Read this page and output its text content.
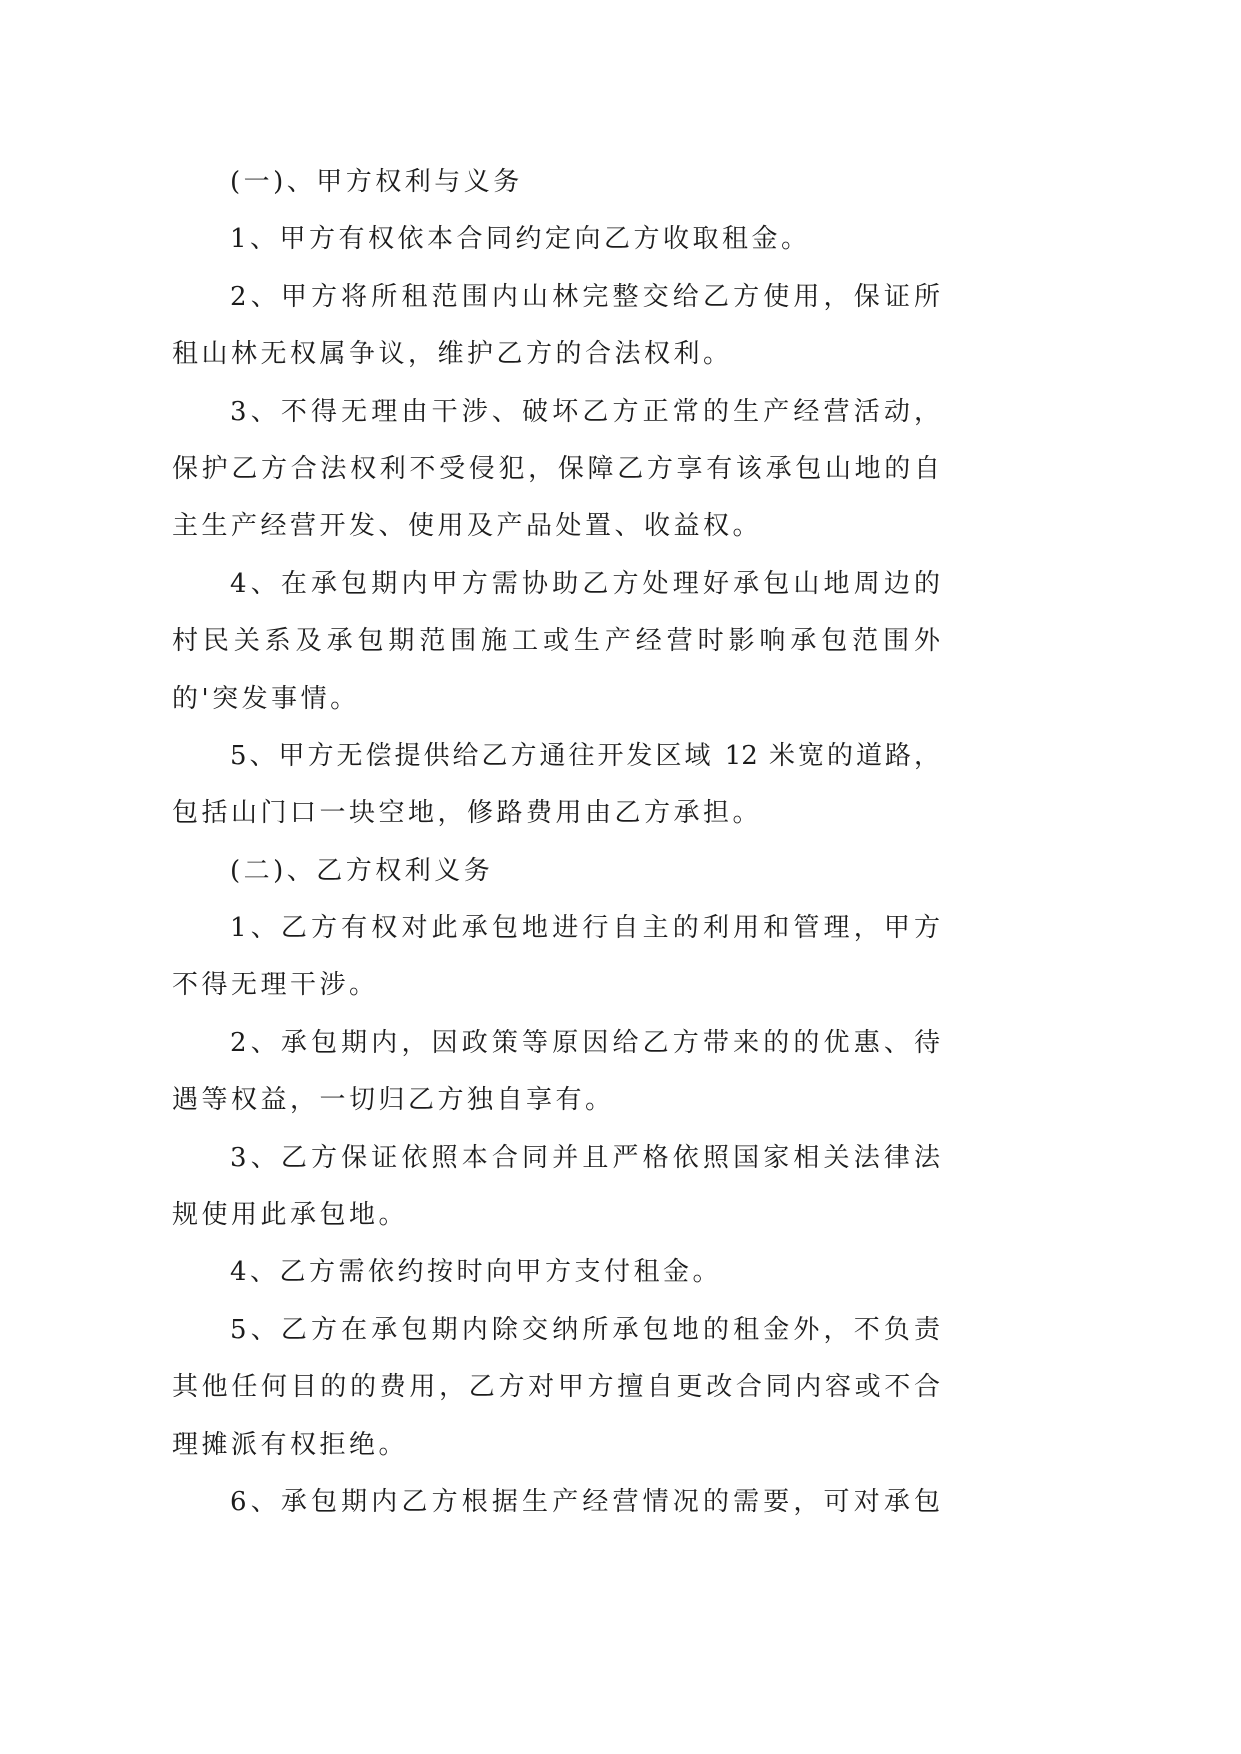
(一)、甲方权利与义务
1、甲方有权依本合同约定向乙方收取租金。
2、甲方将所租范围内山林完整交给乙方使用，保证所
租山林无权属争议，维护乙方的合法权利。
3、不得无理由干涉、破坏乙方正常的生产经营活动，
保护乙方合法权利不受侵犯，保障乙方享有该承包山地的自
主生产经营开发、使用及产品处置、收益权。
4、在承包期内甲方需协助乙方处理好承包山地周边的
村民关系及承包期范围施工或生产经营时影响承包范围外
的'突发事情。
5、甲方无偿提供给乙方通往开发区域 12 米宽的道路，
包括山门口一块空地，修路费用由乙方承担。
(二)、乙方权利义务
1、乙方有权对此承包地进行自主的利用和管理，甲方
不得无理干涉。
2、承包期内，因政策等原因给乙方带来的的优惠、待
遇等权益，一切归乙方独自享有。
3、乙方保证依照本合同并且严格依照国家相关法律法
规使用此承包地。
4、乙方需依约按时向甲方支付租金。
5、乙方在承包期内除交纳所承包地的租金外，不负责
其他任何目的的费用，乙方对甲方擅自更改合同内容或不合
理摊派有权拒绝。
6、承包期内乙方根据生产经营情况的需要，可对承包
